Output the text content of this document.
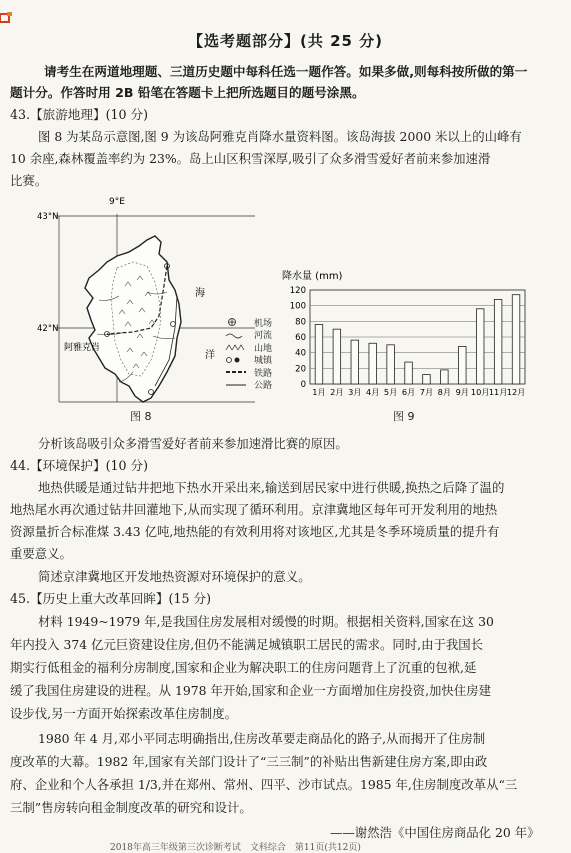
【选考题部分】(共 25 分)
请考生在两道地理题、三道历史题中每科任选一题作答。如果多做,则每科按所做的第一
题计分。作答时用 2B 铅笔在答题卡上把所选题目的题号涂黑。
43.【旅游地理】(10 分)
图 8 为某岛示意图,图 9 为该岛阿雅克肖降水量资料图。该岛海拔 2000 米以上的山峰有
10 余座,森林覆盖率约为 23%。岛上山区积雪深厚,吸引了众多滑雪爱好者前来参加速滑
比赛。
9°E
43°N
42°N
阿雅克肖
海
洋
机场
河流
山地
城镇
铁路
公路
降水量 (mm)
0
20
40
60
80
100
120
1月 2月 3月 4月 5月 6月 7月 8月 9月 10月 11月 12月
图 8	图 9
分析该岛吸引众多滑雪爱好者前来参加速滑比赛的原因。
44.【环境保护】(10 分)
地热供暖是通过钻井把地下热水开采出来,输送到居民家中进行供暖,换热之后降了温的
地热尾水再次通过钻井回灌地下,从而实现了循环利用。京津冀地区每年可开发利用的地热
资源量折合标准煤 3.43 亿吨,地热能的有效利用将对该地区,尤其是冬季环境质量的提升有
重要意义。
简述京津冀地区开发地热资源对环境保护的意义。
45.【历史上重大改革回眸】(15 分)
材料 1949~1979 年,是我国住房发展相对缓慢的时期。根据相关资料,国家在这 30
年内投入 374 亿元巨资建设住房,但仍不能满足城镇职工居民的需求。同时,由于我国长
期实行低租金的福利分房制度,国家和企业为解决职工的住房问题背上了沉重的包袱,延
缓了我国住房建设的进程。从 1978 年开始,国家和企业一方面增加住房投资,加快住房建
设步伐,另一方面开始探索改革住房制度。
1980 年 4 月,邓小平同志明确指出,住房改革要走商品化的路子,从而揭开了住房制
度改革的大幕。1982 年,国家有关部门设计了“三三制”的补贴出售新建住房方案,即由政
府、企业和个人各承担 1/3,并在郑州、常州、四平、沙市试点。1985 年,住房制度改革从“三
三制”售房转向租金制度改革的研究和设计。
——谢然浩《中国住房商品化 20 年》
2018年高三年级第三次诊断考试　文科综合　第11页(共12页)
